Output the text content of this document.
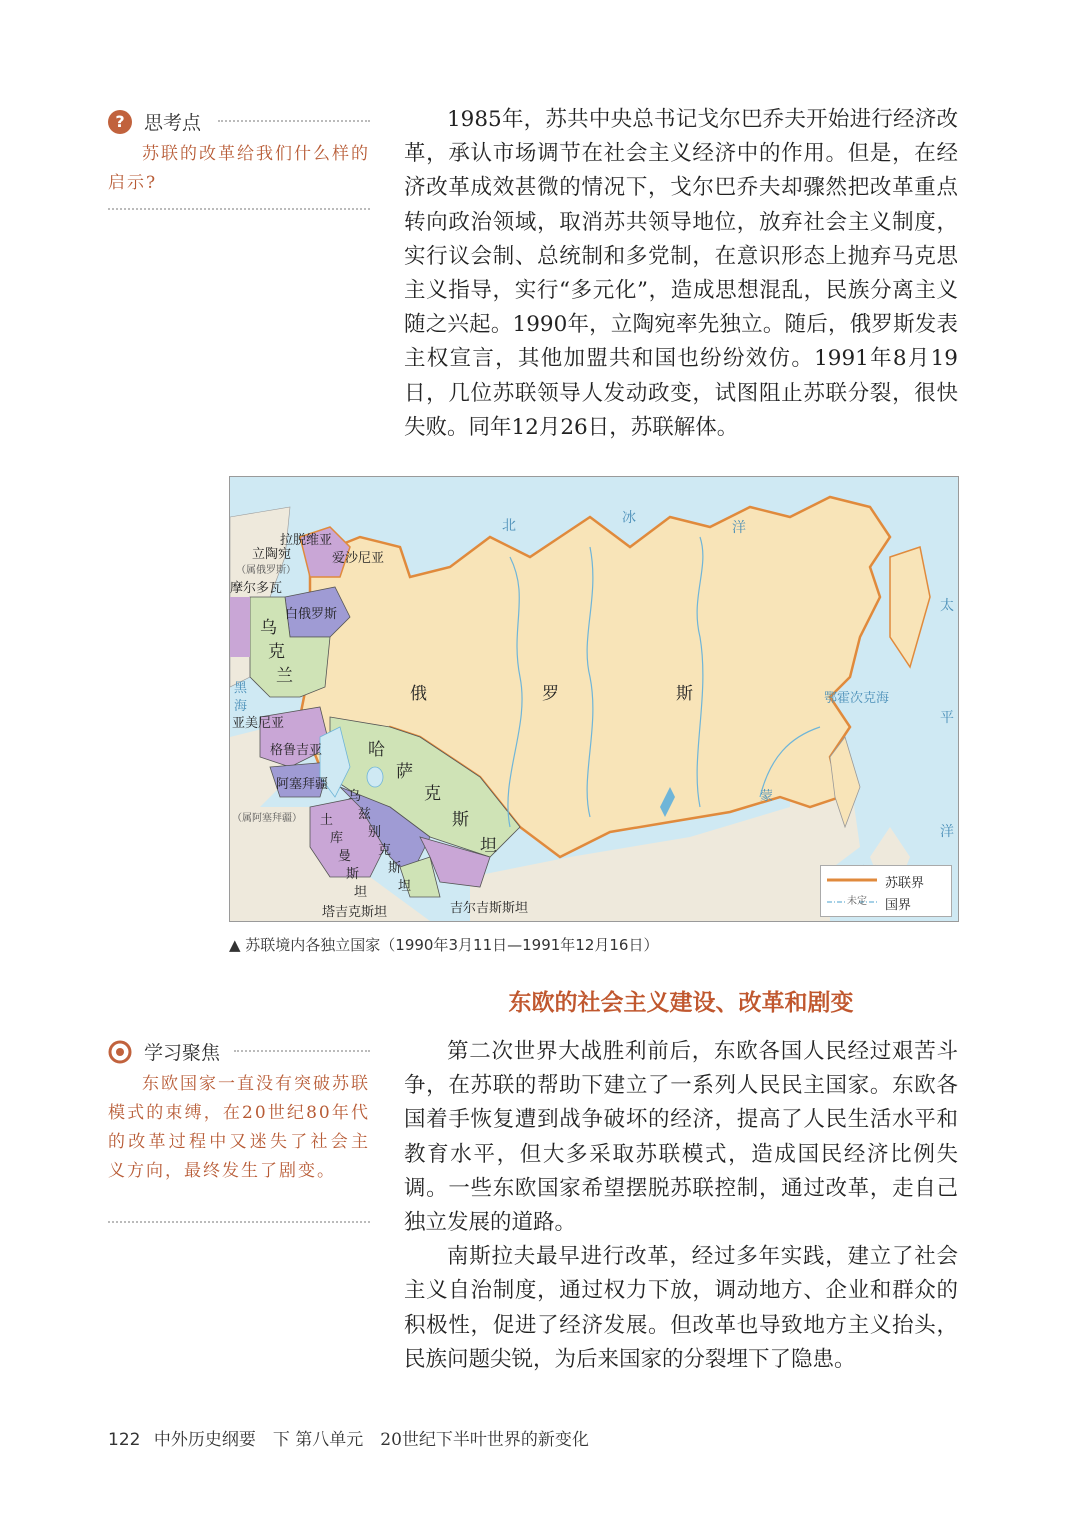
?	思考点
苏联的改革给我们什么样的启示?

1985年，苏共中央总书记戈尔巴乔夫开始进行经济改革，承认市场调节在社会主义经济中的作用。但是，在经济改革成效甚微的情况下，戈尔巴乔夫却骤然把改革重点转向政治领域，取消苏共领导地位，放弃社会主义制度，实行议会制、总统制和多党制，在意识形态上抛弃马克思主义指导，实行“多元化”，造成思想混乱，民族分离主义随之兴起。1990年，立陶宛率先独立。随后，俄罗斯发表主权宣言，其他加盟共和国也纷纷效仿。1991年8月19日，几位苏联领导人发动政变，试图阻止苏联分裂，很快失败。同年12月26日，苏联解体。

拉脱维亚
立陶宛
（属俄罗斯）
爱沙尼亚
摩尔多瓦
白俄罗斯
乌
克
兰
俄	罗	斯
亚美尼亚
格鲁吉亚
阿塞拜疆
（属阿塞拜疆）
哈
萨
克
斯
坦
土
库
曼
斯
坦
乌
兹
别
克
斯
坦
塔吉克斯坦	吉尔吉斯斯坦
北	冰
洋
太
平
洋
鄂霍次克海
黑
海
蒙
苏联界
未定 国界
▲ 苏联境内各独立国家（1990年3月11日—1991年12月16日）
东欧的社会主义建设、改革和剧变
学习聚焦
东欧国家一直没有突破苏联模式的束缚，在20世纪80年代的改革过程中又迷失了社会主义方向，最终发生了剧变。

第二次世界大战胜利前后，东欧各国人民经过艰苦斗争，在苏联的帮助下建立了一系列人民民主国家。东欧各国着手恢复遭到战争破坏的经济，提高了人民生活水平和教育水平，但大多采取苏联模式，造成国民经济比例失调。一些东欧国家希望摆脱苏联控制，通过改革，走自己独立发展的道路。

南斯拉夫最早进行改革，经过多年实践，建立了社会主义自治制度，通过权力下放，调动地方、企业和群众的积极性，促进了经济发展。但改革也导致地方主义抬头，民族问题尖锐，为后来国家的分裂埋下了隐患。

122 中外历史纲要　下 第八单元　20世纪下半叶世界的新变化
